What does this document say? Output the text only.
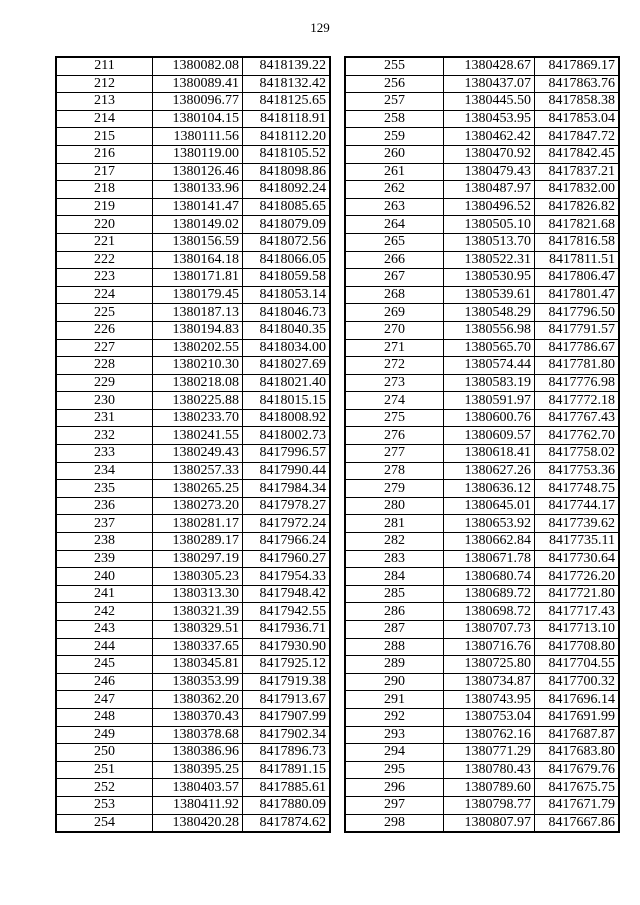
129
211	1380082.08	8418139.22
212	1380089.41	8418132.42
213	1380096.77	8418125.65
214	1380104.15	8418118.91
215	1380111.56	8418112.20
216	1380119.00	8418105.52
217	1380126.46	8418098.86
218	1380133.96	8418092.24
219	1380141.47	8418085.65
220	1380149.02	8418079.09
221	1380156.59	8418072.56
222	1380164.18	8418066.05
223	1380171.81	8418059.58
224	1380179.45	8418053.14
225	1380187.13	8418046.73
226	1380194.83	8418040.35
227	1380202.55	8418034.00
228	1380210.30	8418027.69
229	1380218.08	8418021.40
230	1380225.88	8418015.15
231	1380233.70	8418008.92
232	1380241.55	8418002.73
233	1380249.43	8417996.57
234	1380257.33	8417990.44
235	1380265.25	8417984.34
236	1380273.20	8417978.27
237	1380281.17	8417972.24
238	1380289.17	8417966.24
239	1380297.19	8417960.27
240	1380305.23	8417954.33
241	1380313.30	8417948.42
242	1380321.39	8417942.55
243	1380329.51	8417936.71
244	1380337.65	8417930.90
245	1380345.81	8417925.12
246	1380353.99	8417919.38
247	1380362.20	8417913.67
248	1380370.43	8417907.99
249	1380378.68	8417902.34
250	1380386.96	8417896.73
251	1380395.25	8417891.15
252	1380403.57	8417885.61
253	1380411.92	8417880.09
254	1380420.28	8417874.62
255	1380428.67	8417869.17
256	1380437.07	8417863.76
257	1380445.50	8417858.38
258	1380453.95	8417853.04
259	1380462.42	8417847.72
260	1380470.92	8417842.45
261	1380479.43	8417837.21
262	1380487.97	8417832.00
263	1380496.52	8417826.82
264	1380505.10	8417821.68
265	1380513.70	8417816.58
266	1380522.31	8417811.51
267	1380530.95	8417806.47
268	1380539.61	8417801.47
269	1380548.29	8417796.50
270	1380556.98	8417791.57
271	1380565.70	8417786.67
272	1380574.44	8417781.80
273	1380583.19	8417776.98
274	1380591.97	8417772.18
275	1380600.76	8417767.43
276	1380609.57	8417762.70
277	1380618.41	8417758.02
278	1380627.26	8417753.36
279	1380636.12	8417748.75
280	1380645.01	8417744.17
281	1380653.92	8417739.62
282	1380662.84	8417735.11
283	1380671.78	8417730.64
284	1380680.74	8417726.20
285	1380689.72	8417721.80
286	1380698.72	8417717.43
287	1380707.73	8417713.10
288	1380716.76	8417708.80
289	1380725.80	8417704.55
290	1380734.87	8417700.32
291	1380743.95	8417696.14
292	1380753.04	8417691.99
293	1380762.16	8417687.87
294	1380771.29	8417683.80
295	1380780.43	8417679.76
296	1380789.60	8417675.75
297	1380798.77	8417671.79
298	1380807.97	8417667.86
